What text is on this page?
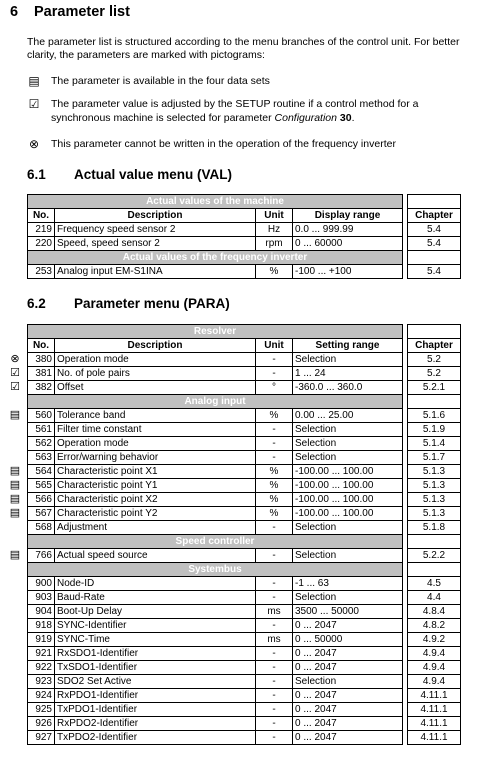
6 Parameter list
The parameter list is structured according to the menu branches of the control unit. For better clarity, the parameters are marked with pictograms:
▤ The parameter is available in the four data sets
☑ The parameter value is adjusted by the SETUP routine if a control method for a synchronous machine is selected for parameter Configuration 30.
⊗ This parameter cannot be written in the operation of the frequency inverter
6.1 Actual value menu (VAL)
Actual values of the machine					
No.	Description	Unit	Display range		Chapter
219	Frequency speed sensor 2	Hz	0.0 ... 999.99		5.4
220	Speed, speed sensor 2	rpm	0 ... 60000		5.4
Actual values of the frequency inverter					
253	Analog input EM-S1INA	%	-100 ... +100		5.4
6.2 Parameter menu (PARA)
Resolver					
No.	Description	Unit	Setting range		Chapter

⊗ 380	Operation mode	-	Selection		5.2

☑ 381	No. of pole pairs	-	1 ... 24		5.2

☑ 382	Offset	°	-360.0 ... 360.0		5.2.1
Analog input					

▤ 560	Tolerance band	%	0.00 ... 25.00		5.1.6
561	Filter time constant	-	Selection		5.1.9
562	Operation mode	-	Selection		5.1.4
563	Error/warning behavior	-	Selection		5.1.7

▤ 564	Characteristic point X1	%	-100.00 ... 100.00		5.1.3

▤ 565	Characteristic point Y1	%	-100.00 ... 100.00		5.1.3

▤ 566	Characteristic point X2	%	-100.00 ... 100.00		5.1.3

▤ 567	Characteristic point Y2	%	-100.00 ... 100.00		5.1.3
568	Adjustment	-	Selection		5.1.8
Speed controller					

▤ 766	Actual speed source	-	Selection		5.2.2
Systembus					
900	Node-ID	-	-1 ... 63		4.5
903	Baud-Rate	-	Selection		4.4
904	Boot-Up Delay	ms	3500 ... 50000		4.8.4
918	SYNC-Identifier	-	0 ... 2047		4.8.2
919	SYNC-Time	ms	0 ... 50000		4.9.2
921	RxSDO1-Identifier	-	0 ... 2047		4.9.4
922	TxSDO1-Identifier	-	0 ... 2047		4.9.4
923	SDO2 Set Active	-	Selection		4.9.4
924	RxPDO1-Identifier	-	0 ... 2047		4.11.1
925	TxPDO1-Identifier	-	0 ... 2047		4.11.1
926	RxPDO2-Identifier	-	0 ... 2047		4.11.1
927	TxPDO2-Identifier	-	0 ... 2047		4.11.1
